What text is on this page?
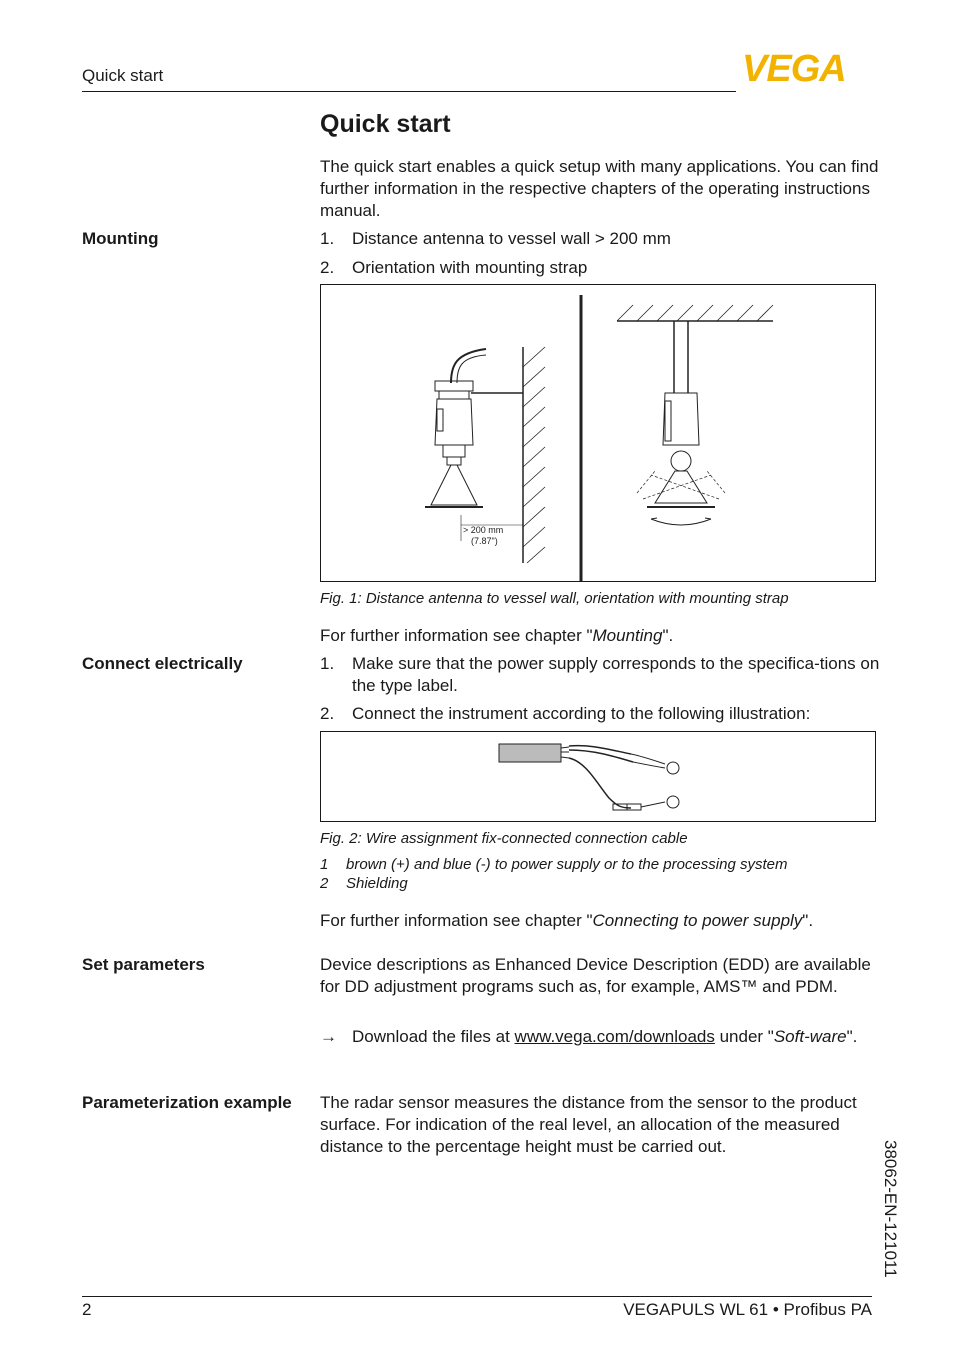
Quick start	VEGA
Quick start
The quick start enables a quick setup with many applications. You can find further information in the respective chapters of the operating instructions manual.
Mounting	1. Distance antenna to vessel wall > 200 mm
2. Orientation with mounting strap
> 200 mm
(7.87")
Fig. 1: Distance antenna to vessel wall, orientation with mounting strap
For further information see chapter "Mounting".
Connect electrically	1. Make sure that the power supply corresponds to the specifica-tions on the type label.
2. Connect the instrument according to the following illustration:
Fig. 2: Wire assignment fix-connected connection cable
1 brown (+) and blue (-) to power supply or to the processing system
2 Shielding
For further information see chapter "Connecting to power supply".
Set parameters	Device descriptions as Enhanced Device Description (EDD) are available for DD adjustment programs such as, for example, AMS™ and PDM.
→ Download the files at www.vega.com/downloads under "Soft-ware".
Parameterization example The radar sensor measures the distance from the sensor to the product surface. For indication of the real level, an allocation of the measured distance to the percentage height must be carried out.	38062-EN-121011
2	VEGAPULS WL 61 • Profibus PA
